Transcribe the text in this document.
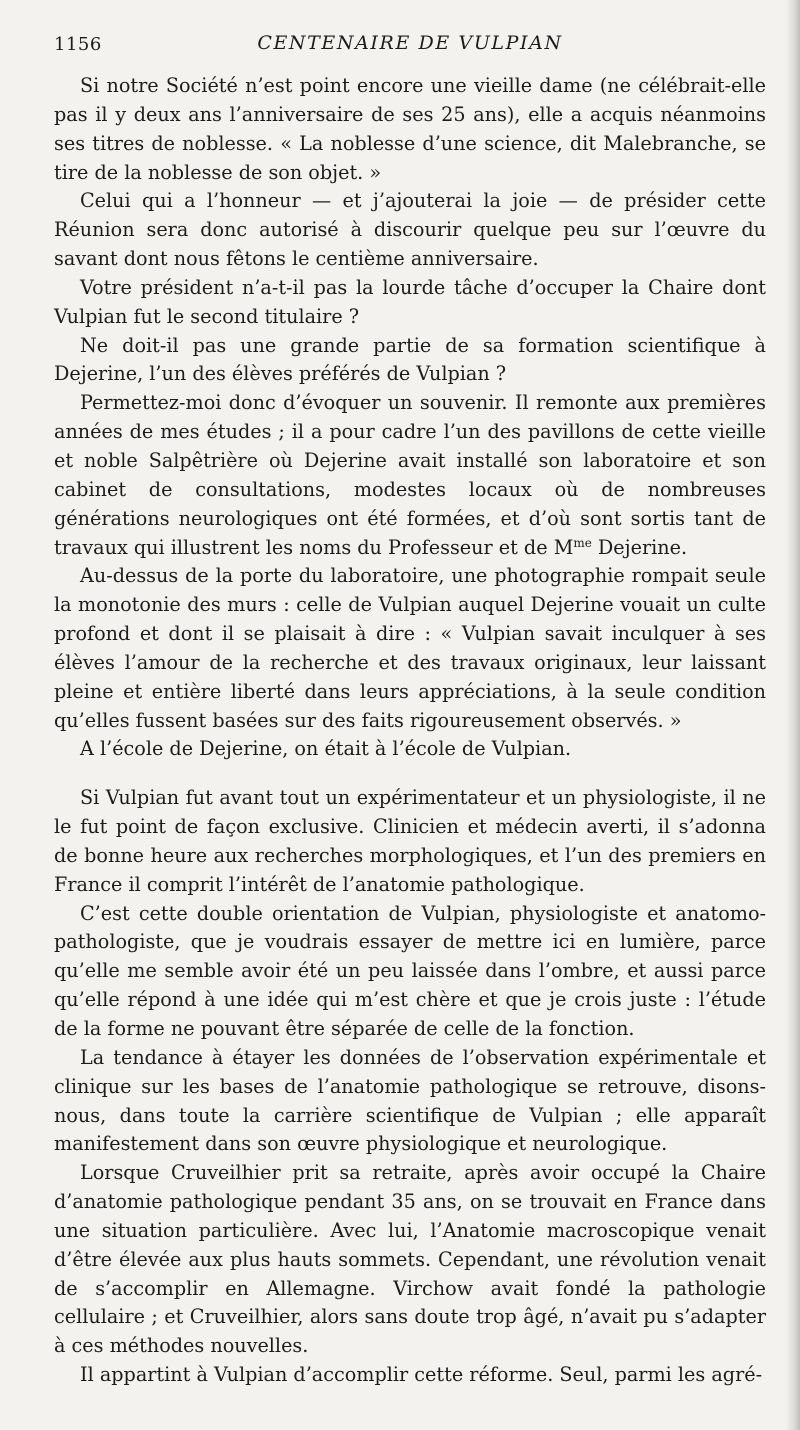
1156	CENTENAIRE DE VULPIAN

Si notre Société n’est point encore une vieille dame (ne célébrait-elle pas il y deux ans l’anniversaire de ses 25 ans), elle a acquis néanmoins ses titres de noblesse. « La noblesse d’une science, dit Malebranche, se tire de la noblesse de son objet. »

Celui qui a l’honneur — et j’ajouterai la joie — de présider cette Réunion sera donc autorisé à discourir quelque peu sur l’œuvre du savant dont nous fêtons le centième anniversaire.

Votre président n’a-t-il pas la lourde tâche d’occuper la Chaire dont Vulpian fut le second titulaire ?

Ne doit-il pas une grande partie de sa formation scientifique à Dejerine, l’un des élèves préférés de Vulpian ?

Permettez-moi donc d’évoquer un souvenir. Il remonte aux premières années de mes études ; il a pour cadre l’un des pavillons de cette vieille et noble Salpêtrière où Dejerine avait installé son laboratoire et son cabinet de consultations, modestes locaux où de nombreuses générations neurologiques ont été formées, et d’où sont sortis tant de travaux qui illustrent les noms du Professeur et de $M^{me}$ Dejerine.

Au-dessus de la porte du laboratoire, une photographie rompait seule la monotonie des murs : celle de Vulpian auquel Dejerine vouait un culte profond et dont il se plaisait à dire : « Vulpian savait inculquer à ses élèves l’amour de la recherche et des travaux originaux, leur laissant pleine et entière liberté dans leurs appréciations, à la seule condition qu’elles fussent basées sur des faits rigoureusement observés. »

A l’école de Dejerine, on était à l’école de Vulpian.

Si Vulpian fut avant tout un expérimentateur et un physiologiste, il ne le fut point de façon exclusive. Clinicien et médecin averti, il s’adonna de bonne heure aux recherches morphologiques, et l’un des premiers en France il comprit l’intérêt de l’anatomie pathologique.

C’est cette double orientation de Vulpian, physiologiste et anatomo-pathologiste, que je voudrais essayer de mettre ici en lumière, parce qu’elle me semble avoir été un peu laissée dans l’ombre, et aussi parce qu’elle répond à une idée qui m’est chère et que je crois juste : l’étude de la forme ne pouvant être séparée de celle de la fonction.

La tendance à étayer les données de l’observation expérimentale et clinique sur les bases de l’anatomie pathologique se retrouve, disons-nous, dans toute la carrière scientifique de Vulpian ; elle apparaît manifestement dans son œuvre physiologique et neurologique.

Lorsque Cruveilhier prit sa retraite, après avoir occupé la Chaire d’anatomie pathologique pendant 35 ans, on se trouvait en France dans une situation particulière. Avec lui, l’Anatomie macroscopique venait d’être élevée aux plus hauts sommets. Cependant, une révolution venait de s’accomplir en Allemagne. Virchow avait fondé la pathologie cellulaire ; et Cruveilhier, alors sans doute trop âgé, n’avait pu s’adapter à ces méthodes nouvelles.

Il appartint à Vulpian d’accomplir cette réforme. Seul, parmi les agré-
